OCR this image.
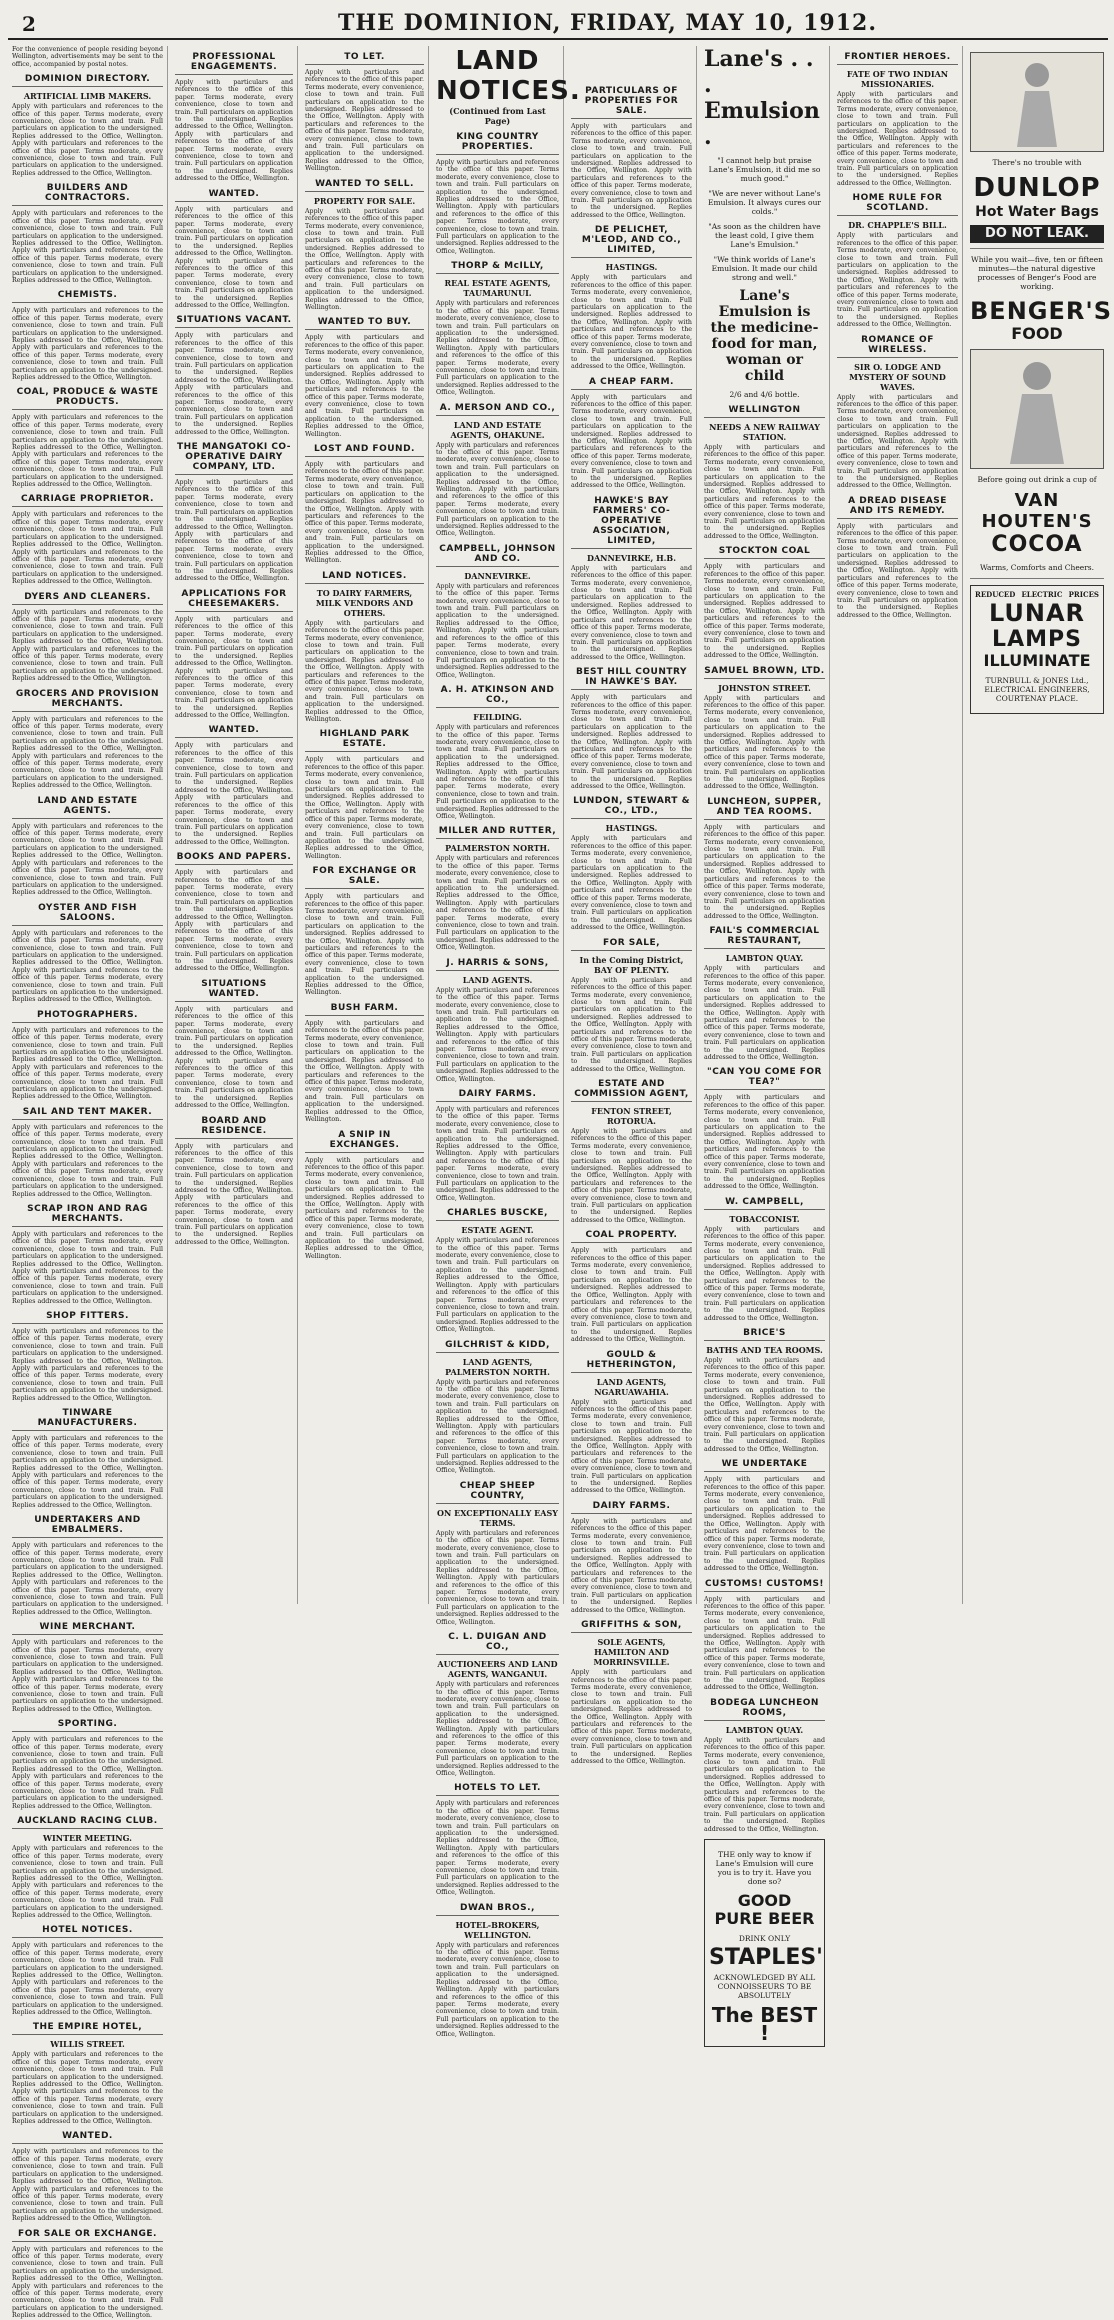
2	THE DOMINION, FRIDAY, MAY 10, 1912.
For the convenience of people residing beyond Wellington, advertisements may be sent to the office, accompanied by postal notes.
DOMINION DIRECTORY.
ARTIFICIAL LIMB MAKERS.
Apply with particulars and references to the office of this paper. Terms moderate, every convenience, close to town and train. Full particulars on application to the undersigned. Replies addressed to the Office, Wellington. Apply with particulars and references to the office of this paper. Terms moderate, every convenience, close to town and train. Full particulars on application to the undersigned. Replies addressed to the Office, Wellington.
BUILDERS AND CONTRACTORS.
Apply with particulars and references to the office of this paper. Terms moderate, every convenience, close to town and train. Full particulars on application to the undersigned. Replies addressed to the Office, Wellington. Apply with particulars and references to the office of this paper. Terms moderate, every convenience, close to town and train. Full particulars on application to the undersigned. Replies addressed to the Office, Wellington.
CHEMISTS.
Apply with particulars and references to the office of this paper. Terms moderate, every convenience, close to town and train. Full particulars on application to the undersigned. Replies addressed to the Office, Wellington. Apply with particulars and references to the office of this paper. Terms moderate, every convenience, close to town and train. Full particulars on application to the undersigned. Replies addressed to the Office, Wellington.
COAL, PRODUCE & WASTE PRODUCTS.
Apply with particulars and references to the office of this paper. Terms moderate, every convenience, close to town and train. Full particulars on application to the undersigned. Replies addressed to the Office, Wellington. Apply with particulars and references to the office of this paper. Terms moderate, every convenience, close to town and train. Full particulars on application to the undersigned. Replies addressed to the Office, Wellington.
CARRIAGE PROPRIETOR.
Apply with particulars and references to the office of this paper. Terms moderate, every convenience, close to town and train. Full particulars on application to the undersigned. Replies addressed to the Office, Wellington. Apply with particulars and references to the office of this paper. Terms moderate, every convenience, close to town and train. Full particulars on application to the undersigned. Replies addressed to the Office, Wellington.
DYERS AND CLEANERS.
Apply with particulars and references to the office of this paper. Terms moderate, every convenience, close to town and train. Full particulars on application to the undersigned. Replies addressed to the Office, Wellington. Apply with particulars and references to the office of this paper. Terms moderate, every convenience, close to town and train. Full particulars on application to the undersigned. Replies addressed to the Office, Wellington.
GROCERS AND PROVISION MERCHANTS.
Apply with particulars and references to the office of this paper. Terms moderate, every convenience, close to town and train. Full particulars on application to the undersigned. Replies addressed to the Office, Wellington. Apply with particulars and references to the office of this paper. Terms moderate, every convenience, close to town and train. Full particulars on application to the undersigned. Replies addressed to the Office, Wellington.
LAND AND ESTATE AGENTS.
Apply with particulars and references to the office of this paper. Terms moderate, every convenience, close to town and train. Full particulars on application to the undersigned. Replies addressed to the Office, Wellington. Apply with particulars and references to the office of this paper. Terms moderate, every convenience, close to town and train. Full particulars on application to the undersigned. Replies addressed to the Office, Wellington.
OYSTER AND FISH SALOONS.
Apply with particulars and references to the office of this paper. Terms moderate, every convenience, close to town and train. Full particulars on application to the undersigned. Replies addressed to the Office, Wellington. Apply with particulars and references to the office of this paper. Terms moderate, every convenience, close to town and train. Full particulars on application to the undersigned. Replies addressed to the Office, Wellington.
PHOTOGRAPHERS.
Apply with particulars and references to the office of this paper. Terms moderate, every convenience, close to town and train. Full particulars on application to the undersigned. Replies addressed to the Office, Wellington. Apply with particulars and references to the office of this paper. Terms moderate, every convenience, close to town and train. Full particulars on application to the undersigned. Replies addressed to the Office, Wellington.
SAIL AND TENT MAKER.
Apply with particulars and references to the office of this paper. Terms moderate, every convenience, close to town and train. Full particulars on application to the undersigned. Replies addressed to the Office, Wellington. Apply with particulars and references to the office of this paper. Terms moderate, every convenience, close to town and train. Full particulars on application to the undersigned. Replies addressed to the Office, Wellington.
SCRAP IRON AND RAG MERCHANTS.
Apply with particulars and references to the office of this paper. Terms moderate, every convenience, close to town and train. Full particulars on application to the undersigned. Replies addressed to the Office, Wellington. Apply with particulars and references to the office of this paper. Terms moderate, every convenience, close to town and train. Full particulars on application to the undersigned. Replies addressed to the Office, Wellington.
SHOP FITTERS.
Apply with particulars and references to the office of this paper. Terms moderate, every convenience, close to town and train. Full particulars on application to the undersigned. Replies addressed to the Office, Wellington. Apply with particulars and references to the office of this paper. Terms moderate, every convenience, close to town and train. Full particulars on application to the undersigned. Replies addressed to the Office, Wellington.
TINWARE MANUFACTURERS.
Apply with particulars and references to the office of this paper. Terms moderate, every convenience, close to town and train. Full particulars on application to the undersigned. Replies addressed to the Office, Wellington. Apply with particulars and references to the office of this paper. Terms moderate, every convenience, close to town and train. Full particulars on application to the undersigned. Replies addressed to the Office, Wellington.
UNDERTAKERS AND EMBALMERS.
Apply with particulars and references to the office of this paper. Terms moderate, every convenience, close to town and train. Full particulars on application to the undersigned. Replies addressed to the Office, Wellington. Apply with particulars and references to the office of this paper. Terms moderate, every convenience, close to town and train. Full particulars on application to the undersigned. Replies addressed to the Office, Wellington.
WINE MERCHANT.
Apply with particulars and references to the office of this paper. Terms moderate, every convenience, close to town and train. Full particulars on application to the undersigned. Replies addressed to the Office, Wellington. Apply with particulars and references to the office of this paper. Terms moderate, every convenience, close to town and train. Full particulars on application to the undersigned. Replies addressed to the Office, Wellington.
SPORTING.
Apply with particulars and references to the office of this paper. Terms moderate, every convenience, close to town and train. Full particulars on application to the undersigned. Replies addressed to the Office, Wellington. Apply with particulars and references to the office of this paper. Terms moderate, every convenience, close to town and train. Full particulars on application to the undersigned. Replies addressed to the Office, Wellington.
AUCKLAND RACING CLUB.
WINTER MEETING.
Apply with particulars and references to the office of this paper. Terms moderate, every convenience, close to town and train. Full particulars on application to the undersigned. Replies addressed to the Office, Wellington. Apply with particulars and references to the office of this paper. Terms moderate, every convenience, close to town and train. Full particulars on application to the undersigned. Replies addressed to the Office, Wellington.
HOTEL NOTICES.
Apply with particulars and references to the office of this paper. Terms moderate, every convenience, close to town and train. Full particulars on application to the undersigned. Replies addressed to the Office, Wellington. Apply with particulars and references to the office of this paper. Terms moderate, every convenience, close to town and train. Full particulars on application to the undersigned. Replies addressed to the Office, Wellington.
THE EMPIRE HOTEL,
WILLIS STREET.
Apply with particulars and references to the office of this paper. Terms moderate, every convenience, close to town and train. Full particulars on application to the undersigned. Replies addressed to the Office, Wellington. Apply with particulars and references to the office of this paper. Terms moderate, every convenience, close to town and train. Full particulars on application to the undersigned. Replies addressed to the Office, Wellington.
WANTED.
Apply with particulars and references to the office of this paper. Terms moderate, every convenience, close to town and train. Full particulars on application to the undersigned. Replies addressed to the Office, Wellington. Apply with particulars and references to the office of this paper. Terms moderate, every convenience, close to town and train. Full particulars on application to the undersigned. Replies addressed to the Office, Wellington.
FOR SALE OR EXCHANGE.
Apply with particulars and references to the office of this paper. Terms moderate, every convenience, close to town and train. Full particulars on application to the undersigned. Replies addressed to the Office, Wellington. Apply with particulars and references to the office of this paper. Terms moderate, every convenience, close to town and train. Full particulars on application to the undersigned. Replies addressed to the Office, Wellington.
PROFESSIONAL ENGAGEMENTS.
Apply with particulars and references to the office of this paper. Terms moderate, every convenience, close to town and train. Full particulars on application to the undersigned. Replies addressed to the Office, Wellington. Apply with particulars and references to the office of this paper. Terms moderate, every convenience, close to town and train. Full particulars on application to the undersigned. Replies addressed to the Office, Wellington.
WANTED.
Apply with particulars and references to the office of this paper. Terms moderate, every convenience, close to town and train. Full particulars on application to the undersigned. Replies addressed to the Office, Wellington. Apply with particulars and references to the office of this paper. Terms moderate, every convenience, close to town and train. Full particulars on application to the undersigned. Replies addressed to the Office, Wellington.
SITUATIONS VACANT.
Apply with particulars and references to the office of this paper. Terms moderate, every convenience, close to town and train. Full particulars on application to the undersigned. Replies addressed to the Office, Wellington. Apply with particulars and references to the office of this paper. Terms moderate, every convenience, close to town and train. Full particulars on application to the undersigned. Replies addressed to the Office, Wellington.
THE MANGATOKI CO-OPERATIVE DAIRY COMPANY, LTD.
Apply with particulars and references to the office of this paper. Terms moderate, every convenience, close to town and train. Full particulars on application to the undersigned. Replies addressed to the Office, Wellington. Apply with particulars and references to the office of this paper. Terms moderate, every convenience, close to town and train. Full particulars on application to the undersigned. Replies addressed to the Office, Wellington.
APPLICATIONS FOR CHEESEMAKERS.
Apply with particulars and references to the office of this paper. Terms moderate, every convenience, close to town and train. Full particulars on application to the undersigned. Replies addressed to the Office, Wellington. Apply with particulars and references to the office of this paper. Terms moderate, every convenience, close to town and train. Full particulars on application to the undersigned. Replies addressed to the Office, Wellington.
WANTED.
Apply with particulars and references to the office of this paper. Terms moderate, every convenience, close to town and train. Full particulars on application to the undersigned. Replies addressed to the Office, Wellington. Apply with particulars and references to the office of this paper. Terms moderate, every convenience, close to town and train. Full particulars on application to the undersigned. Replies addressed to the Office, Wellington.
BOOKS AND PAPERS.
Apply with particulars and references to the office of this paper. Terms moderate, every convenience, close to town and train. Full particulars on application to the undersigned. Replies addressed to the Office, Wellington. Apply with particulars and references to the office of this paper. Terms moderate, every convenience, close to town and train. Full particulars on application to the undersigned. Replies addressed to the Office, Wellington.
SITUATIONS WANTED.
Apply with particulars and references to the office of this paper. Terms moderate, every convenience, close to town and train. Full particulars on application to the undersigned. Replies addressed to the Office, Wellington. Apply with particulars and references to the office of this paper. Terms moderate, every convenience, close to town and train. Full particulars on application to the undersigned. Replies addressed to the Office, Wellington.
BOARD AND RESIDENCE.
Apply with particulars and references to the office of this paper. Terms moderate, every convenience, close to town and train. Full particulars on application to the undersigned. Replies addressed to the Office, Wellington. Apply with particulars and references to the office of this paper. Terms moderate, every convenience, close to town and train. Full particulars on application to the undersigned. Replies addressed to the Office, Wellington.
TO LET.
Apply with particulars and references to the office of this paper. Terms moderate, every convenience, close to town and train. Full particulars on application to the undersigned. Replies addressed to the Office, Wellington. Apply with particulars and references to the office of this paper. Terms moderate, every convenience, close to town and train. Full particulars on application to the undersigned. Replies addressed to the Office, Wellington.
WANTED TO SELL.
PROPERTY FOR SALE.
Apply with particulars and references to the office of this paper. Terms moderate, every convenience, close to town and train. Full particulars on application to the undersigned. Replies addressed to the Office, Wellington. Apply with particulars and references to the office of this paper. Terms moderate, every convenience, close to town and train. Full particulars on application to the undersigned. Replies addressed to the Office, Wellington.
WANTED TO BUY.
Apply with particulars and references to the office of this paper. Terms moderate, every convenience, close to town and train. Full particulars on application to the undersigned. Replies addressed to the Office, Wellington. Apply with particulars and references to the office of this paper. Terms moderate, every convenience, close to town and train. Full particulars on application to the undersigned. Replies addressed to the Office, Wellington.
LOST AND FOUND.
Apply with particulars and references to the office of this paper. Terms moderate, every convenience, close to town and train. Full particulars on application to the undersigned. Replies addressed to the Office, Wellington. Apply with particulars and references to the office of this paper. Terms moderate, every convenience, close to town and train. Full particulars on application to the undersigned. Replies addressed to the Office, Wellington.
LAND NOTICES.
TO DAIRY FARMERS, MILK VENDORS AND OTHERS.
Apply with particulars and references to the office of this paper. Terms moderate, every convenience, close to town and train. Full particulars on application to the undersigned. Replies addressed to the Office, Wellington. Apply with particulars and references to the office of this paper. Terms moderate, every convenience, close to town and train. Full particulars on application to the undersigned. Replies addressed to the Office, Wellington.
HIGHLAND PARK ESTATE.
Apply with particulars and references to the office of this paper. Terms moderate, every convenience, close to town and train. Full particulars on application to the undersigned. Replies addressed to the Office, Wellington. Apply with particulars and references to the office of this paper. Terms moderate, every convenience, close to town and train. Full particulars on application to the undersigned. Replies addressed to the Office, Wellington.
FOR EXCHANGE OR SALE.
Apply with particulars and references to the office of this paper. Terms moderate, every convenience, close to town and train. Full particulars on application to the undersigned. Replies addressed to the Office, Wellington. Apply with particulars and references to the office of this paper. Terms moderate, every convenience, close to town and train. Full particulars on application to the undersigned. Replies addressed to the Office, Wellington.
BUSH FARM.
Apply with particulars and references to the office of this paper. Terms moderate, every convenience, close to town and train. Full particulars on application to the undersigned. Replies addressed to the Office, Wellington. Apply with particulars and references to the office of this paper. Terms moderate, every convenience, close to town and train. Full particulars on application to the undersigned. Replies addressed to the Office, Wellington.
A SNIP IN EXCHANGES.
Apply with particulars and references to the office of this paper. Terms moderate, every convenience, close to town and train. Full particulars on application to the undersigned. Replies addressed to the Office, Wellington. Apply with particulars and references to the office of this paper. Terms moderate, every convenience, close to town and train. Full particulars on application to the undersigned. Replies addressed to the Office, Wellington.
LAND NOTICES.
(Continued from Last Page)
KING COUNTRY PROPERTIES.
Apply with particulars and references to the office of this paper. Terms moderate, every convenience, close to town and train. Full particulars on application to the undersigned. Replies addressed to the Office, Wellington. Apply with particulars and references to the office of this paper. Terms moderate, every convenience, close to town and train. Full particulars on application to the undersigned. Replies addressed to the Office, Wellington.
THORP & McILLY,
REAL ESTATE AGENTS, TAUMARUNUI.
Apply with particulars and references to the office of this paper. Terms moderate, every convenience, close to town and train. Full particulars on application to the undersigned. Replies addressed to the Office, Wellington. Apply with particulars and references to the office of this paper. Terms moderate, every convenience, close to town and train. Full particulars on application to the undersigned. Replies addressed to the Office, Wellington.
A. MERSON AND CO.,
LAND AND ESTATE AGENTS, OHAKUNE.
Apply with particulars and references to the office of this paper. Terms moderate, every convenience, close to town and train. Full particulars on application to the undersigned. Replies addressed to the Office, Wellington. Apply with particulars and references to the office of this paper. Terms moderate, every convenience, close to town and train. Full particulars on application to the undersigned. Replies addressed to the Office, Wellington.
CAMPBELL, JOHNSON AND CO.
DANNEVIRKE.
Apply with particulars and references to the office of this paper. Terms moderate, every convenience, close to town and train. Full particulars on application to the undersigned. Replies addressed to the Office, Wellington. Apply with particulars and references to the office of this paper. Terms moderate, every convenience, close to town and train. Full particulars on application to the undersigned. Replies addressed to the Office, Wellington.
A. H. ATKINSON AND CO.,
FEILDING.
Apply with particulars and references to the office of this paper. Terms moderate, every convenience, close to town and train. Full particulars on application to the undersigned. Replies addressed to the Office, Wellington. Apply with particulars and references to the office of this paper. Terms moderate, every convenience, close to town and train. Full particulars on application to the undersigned. Replies addressed to the Office, Wellington.
MILLER AND RUTTER,
PALMERSTON NORTH.
Apply with particulars and references to the office of this paper. Terms moderate, every convenience, close to town and train. Full particulars on application to the undersigned. Replies addressed to the Office, Wellington. Apply with particulars and references to the office of this paper. Terms moderate, every convenience, close to town and train. Full particulars on application to the undersigned. Replies addressed to the Office, Wellington.
J. HARRIS & SONS,
LAND AGENTS.
Apply with particulars and references to the office of this paper. Terms moderate, every convenience, close to town and train. Full particulars on application to the undersigned. Replies addressed to the Office, Wellington. Apply with particulars and references to the office of this paper. Terms moderate, every convenience, close to town and train. Full particulars on application to the undersigned. Replies addressed to the Office, Wellington.
DAIRY FARMS.
Apply with particulars and references to the office of this paper. Terms moderate, every convenience, close to town and train. Full particulars on application to the undersigned. Replies addressed to the Office, Wellington. Apply with particulars and references to the office of this paper. Terms moderate, every convenience, close to town and train. Full particulars on application to the undersigned. Replies addressed to the Office, Wellington.
CHARLES BUSCKE,
ESTATE AGENT.
Apply with particulars and references to the office of this paper. Terms moderate, every convenience, close to town and train. Full particulars on application to the undersigned. Replies addressed to the Office, Wellington. Apply with particulars and references to the office of this paper. Terms moderate, every convenience, close to town and train. Full particulars on application to the undersigned. Replies addressed to the Office, Wellington.
GILCHRIST & KIDD,
LAND AGENTS, PALMERSTON NORTH.
Apply with particulars and references to the office of this paper. Terms moderate, every convenience, close to town and train. Full particulars on application to the undersigned. Replies addressed to the Office, Wellington. Apply with particulars and references to the office of this paper. Terms moderate, every convenience, close to town and train. Full particulars on application to the undersigned. Replies addressed to the Office, Wellington.
CHEAP SHEEP COUNTRY,
ON EXCEPTIONALLY EASY TERMS.
Apply with particulars and references to the office of this paper. Terms moderate, every convenience, close to town and train. Full particulars on application to the undersigned. Replies addressed to the Office, Wellington. Apply with particulars and references to the office of this paper. Terms moderate, every convenience, close to town and train. Full particulars on application to the undersigned. Replies addressed to the Office, Wellington.
C. L. DUIGAN AND CO.,
AUCTIONEERS AND LAND AGENTS, WANGANUI.
Apply with particulars and references to the office of this paper. Terms moderate, every convenience, close to town and train. Full particulars on application to the undersigned. Replies addressed to the Office, Wellington. Apply with particulars and references to the office of this paper. Terms moderate, every convenience, close to town and train. Full particulars on application to the undersigned. Replies addressed to the Office, Wellington.
HOTELS TO LET.
Apply with particulars and references to the office of this paper. Terms moderate, every convenience, close to town and train. Full particulars on application to the undersigned. Replies addressed to the Office, Wellington. Apply with particulars and references to the office of this paper. Terms moderate, every convenience, close to town and train. Full particulars on application to the undersigned. Replies addressed to the Office, Wellington.
DWAN BROS.,
HOTEL-BROKERS, WELLINGTON.
Apply with particulars and references to the office of this paper. Terms moderate, every convenience, close to town and train. Full particulars on application to the undersigned. Replies addressed to the Office, Wellington. Apply with particulars and references to the office of this paper. Terms moderate, every convenience, close to town and train. Full particulars on application to the undersigned. Replies addressed to the Office, Wellington.
PARTICULARS OF PROPERTIES FOR SALE.
Apply with particulars and references to the office of this paper. Terms moderate, every convenience, close to town and train. Full particulars on application to the undersigned. Replies addressed to the Office, Wellington. Apply with particulars and references to the office of this paper. Terms moderate, every convenience, close to town and train. Full particulars on application to the undersigned. Replies addressed to the Office, Wellington.
DE PELICHET, M'LEOD, AND CO., LIMITED,
HASTINGS.
Apply with particulars and references to the office of this paper. Terms moderate, every convenience, close to town and train. Full particulars on application to the undersigned. Replies addressed to the Office, Wellington. Apply with particulars and references to the office of this paper. Terms moderate, every convenience, close to town and train. Full particulars on application to the undersigned. Replies addressed to the Office, Wellington.
A CHEAP FARM.
Apply with particulars and references to the office of this paper. Terms moderate, every convenience, close to town and train. Full particulars on application to the undersigned. Replies addressed to the Office, Wellington. Apply with particulars and references to the office of this paper. Terms moderate, every convenience, close to town and train. Full particulars on application to the undersigned. Replies addressed to the Office, Wellington.
HAWKE'S BAY FARMERS' CO-OPERATIVE ASSOCIATION, LIMITED,
DANNEVIRKE, H.B.
Apply with particulars and references to the office of this paper. Terms moderate, every convenience, close to town and train. Full particulars on application to the undersigned. Replies addressed to the Office, Wellington. Apply with particulars and references to the office of this paper. Terms moderate, every convenience, close to town and train. Full particulars on application to the undersigned. Replies addressed to the Office, Wellington.
BEST HILL COUNTRY IN HAWKE'S BAY.
Apply with particulars and references to the office of this paper. Terms moderate, every convenience, close to town and train. Full particulars on application to the undersigned. Replies addressed to the Office, Wellington. Apply with particulars and references to the office of this paper. Terms moderate, every convenience, close to town and train. Full particulars on application to the undersigned. Replies addressed to the Office, Wellington.
LUNDON, STEWART & CO., LTD.,
HASTINGS.
Apply with particulars and references to the office of this paper. Terms moderate, every convenience, close to town and train. Full particulars on application to the undersigned. Replies addressed to the Office, Wellington. Apply with particulars and references to the office of this paper. Terms moderate, every convenience, close to town and train. Full particulars on application to the undersigned. Replies addressed to the Office, Wellington.
FOR SALE,
In the Coming District, BAY OF PLENTY.
Apply with particulars and references to the office of this paper. Terms moderate, every convenience, close to town and train. Full particulars on application to the undersigned. Replies addressed to the Office, Wellington. Apply with particulars and references to the office of this paper. Terms moderate, every convenience, close to town and train. Full particulars on application to the undersigned. Replies addressed to the Office, Wellington.
ESTATE AND COMMISSION AGENT,
FENTON STREET, ROTORUA.
Apply with particulars and references to the office of this paper. Terms moderate, every convenience, close to town and train. Full particulars on application to the undersigned. Replies addressed to the Office, Wellington. Apply with particulars and references to the office of this paper. Terms moderate, every convenience, close to town and train. Full particulars on application to the undersigned. Replies addressed to the Office, Wellington.
COAL PROPERTY.
Apply with particulars and references to the office of this paper. Terms moderate, every convenience, close to town and train. Full particulars on application to the undersigned. Replies addressed to the Office, Wellington. Apply with particulars and references to the office of this paper. Terms moderate, every convenience, close to town and train. Full particulars on application to the undersigned. Replies addressed to the Office, Wellington.
GOULD & HETHERINGTON,
LAND AGENTS, NGARUAWAHIA.
Apply with particulars and references to the office of this paper. Terms moderate, every convenience, close to town and train. Full particulars on application to the undersigned. Replies addressed to the Office, Wellington. Apply with particulars and references to the office of this paper. Terms moderate, every convenience, close to town and train. Full particulars on application to the undersigned. Replies addressed to the Office, Wellington.
DAIRY FARMS.
Apply with particulars and references to the office of this paper. Terms moderate, every convenience, close to town and train. Full particulars on application to the undersigned. Replies addressed to the Office, Wellington. Apply with particulars and references to the office of this paper. Terms moderate, every convenience, close to town and train. Full particulars on application to the undersigned. Replies addressed to the Office, Wellington.
GRIFFITHS & SON,
SOLE AGENTS, HAMILTON AND MORRINSVILLE.
Apply with particulars and references to the office of this paper. Terms moderate, every convenience, close to town and train. Full particulars on application to the undersigned. Replies addressed to the Office, Wellington. Apply with particulars and references to the office of this paper. Terms moderate, every convenience, close to town and train. Full particulars on application to the undersigned. Replies addressed to the Office, Wellington.
Lane's . . .
Emulsion .
"I cannot help but praise Lane's Emulsion, it did me so much good."
"We are never without Lane's Emulsion. It always cures our colds."
"As soon as the children have the least cold, I give them Lane's Emulsion."
"We think worlds of Lane's Emulsion. It made our child strong and well."
Lane's Emulsion is the medicine-food for man, woman or child
2/6 and 4/6 bottle.
WELLINGTON
NEEDS A NEW RAILWAY STATION.
Apply with particulars and references to the office of this paper. Terms moderate, every convenience, close to town and train. Full particulars on application to the undersigned. Replies addressed to the Office, Wellington. Apply with particulars and references to the office of this paper. Terms moderate, every convenience, close to town and train. Full particulars on application to the undersigned. Replies addressed to the Office, Wellington.
STOCKTON COAL
Apply with particulars and references to the office of this paper. Terms moderate, every convenience, close to town and train. Full particulars on application to the undersigned. Replies addressed to the Office, Wellington. Apply with particulars and references to the office of this paper. Terms moderate, every convenience, close to town and train. Full particulars on application to the undersigned. Replies addressed to the Office, Wellington.
SAMUEL BROWN, LTD.
JOHNSTON STREET.
Apply with particulars and references to the office of this paper. Terms moderate, every convenience, close to town and train. Full particulars on application to the undersigned. Replies addressed to the Office, Wellington. Apply with particulars and references to the office of this paper. Terms moderate, every convenience, close to town and train. Full particulars on application to the undersigned. Replies addressed to the Office, Wellington.
LUNCHEON, SUPPER, AND TEA ROOMS.
Apply with particulars and references to the office of this paper. Terms moderate, every convenience, close to town and train. Full particulars on application to the undersigned. Replies addressed to the Office, Wellington. Apply with particulars and references to the office of this paper. Terms moderate, every convenience, close to town and train. Full particulars on application to the undersigned. Replies addressed to the Office, Wellington.
FAIL'S COMMERCIAL RESTAURANT,
LAMBTON QUAY.
Apply with particulars and references to the office of this paper. Terms moderate, every convenience, close to town and train. Full particulars on application to the undersigned. Replies addressed to the Office, Wellington. Apply with particulars and references to the office of this paper. Terms moderate, every convenience, close to town and train. Full particulars on application to the undersigned. Replies addressed to the Office, Wellington.
"CAN YOU COME FOR TEA?"
Apply with particulars and references to the office of this paper. Terms moderate, every convenience, close to town and train. Full particulars on application to the undersigned. Replies addressed to the Office, Wellington. Apply with particulars and references to the office of this paper. Terms moderate, every convenience, close to town and train. Full particulars on application to the undersigned. Replies addressed to the Office, Wellington.
W. CAMPBELL,
TOBACCONIST.
Apply with particulars and references to the office of this paper. Terms moderate, every convenience, close to town and train. Full particulars on application to the undersigned. Replies addressed to the Office, Wellington. Apply with particulars and references to the office of this paper. Terms moderate, every convenience, close to town and train. Full particulars on application to the undersigned. Replies addressed to the Office, Wellington.
BRICE'S
BATHS AND TEA ROOMS.
Apply with particulars and references to the office of this paper. Terms moderate, every convenience, close to town and train. Full particulars on application to the undersigned. Replies addressed to the Office, Wellington. Apply with particulars and references to the office of this paper. Terms moderate, every convenience, close to town and train. Full particulars on application to the undersigned. Replies addressed to the Office, Wellington.
WE UNDERTAKE
Apply with particulars and references to the office of this paper. Terms moderate, every convenience, close to town and train. Full particulars on application to the undersigned. Replies addressed to the Office, Wellington. Apply with particulars and references to the office of this paper. Terms moderate, every convenience, close to town and train. Full particulars on application to the undersigned. Replies addressed to the Office, Wellington.
CUSTOMS! CUSTOMS!
Apply with particulars and references to the office of this paper. Terms moderate, every convenience, close to town and train. Full particulars on application to the undersigned. Replies addressed to the Office, Wellington. Apply with particulars and references to the office of this paper. Terms moderate, every convenience, close to town and train. Full particulars on application to the undersigned. Replies addressed to the Office, Wellington.
BODEGA LUNCHEON ROOMS,
LAMBTON QUAY.
Apply with particulars and references to the office of this paper. Terms moderate, every convenience, close to town and train. Full particulars on application to the undersigned. Replies addressed to the Office, Wellington. Apply with particulars and references to the office of this paper. Terms moderate, every convenience, close to town and train. Full particulars on application to the undersigned. Replies addressed to the Office, Wellington.
THE only way to know if Lane's Emulsion will cure you is to try it. Have you done so?
GOOD
PURE BEER
DRINK ONLY
STAPLES'
ACKNOWLEDGED BY ALL CONNOISSEURS TO BE ABSOLUTELY
The BEST !
FRONTIER HEROES.
FATE OF TWO INDIAN MISSIONARIES.
Apply with particulars and references to the office of this paper. Terms moderate, every convenience, close to town and train. Full particulars on application to the undersigned. Replies addressed to the Office, Wellington. Apply with particulars and references to the office of this paper. Terms moderate, every convenience, close to town and train. Full particulars on application to the undersigned. Replies addressed to the Office, Wellington.
HOME RULE FOR SCOTLAND.
DR. CHAPPLE'S BILL.
Apply with particulars and references to the office of this paper. Terms moderate, every convenience, close to town and train. Full particulars on application to the undersigned. Replies addressed to the Office, Wellington. Apply with particulars and references to the office of this paper. Terms moderate, every convenience, close to town and train. Full particulars on application to the undersigned. Replies addressed to the Office, Wellington.
ROMANCE OF WIRELESS.
SIR O. LODGE AND MYSTERY OF SOUND WAVES.
Apply with particulars and references to the office of this paper. Terms moderate, every convenience, close to town and train. Full particulars on application to the undersigned. Replies addressed to the Office, Wellington. Apply with particulars and references to the office of this paper. Terms moderate, every convenience, close to town and train. Full particulars on application to the undersigned. Replies addressed to the Office, Wellington.
A DREAD DISEASE AND ITS REMEDY.
Apply with particulars and references to the office of this paper. Terms moderate, every convenience, close to town and train. Full particulars on application to the undersigned. Replies addressed to the Office, Wellington. Apply with particulars and references to the office of this paper. Terms moderate, every convenience, close to town and train. Full particulars on application to the undersigned. Replies addressed to the Office, Wellington.
There's no trouble with
DUNLOP
Hot Water Bags
DO NOT LEAK.
While you wait—five, ten or fifteen minutes—the natural digestive processes of Benger's Food are working.
BENGER'S
FOOD
Before going out drink a cup of
VAN HOUTEN'S
COCOA
Warms, Comforts and Cheers.
REDUCED ELECTRIC PRICES
LUNAR
LAMPS
ILLUMINATE
TURNBULL & JONES Ltd., ELECTRICAL ENGINEERS, COURTENAY PLACE.
